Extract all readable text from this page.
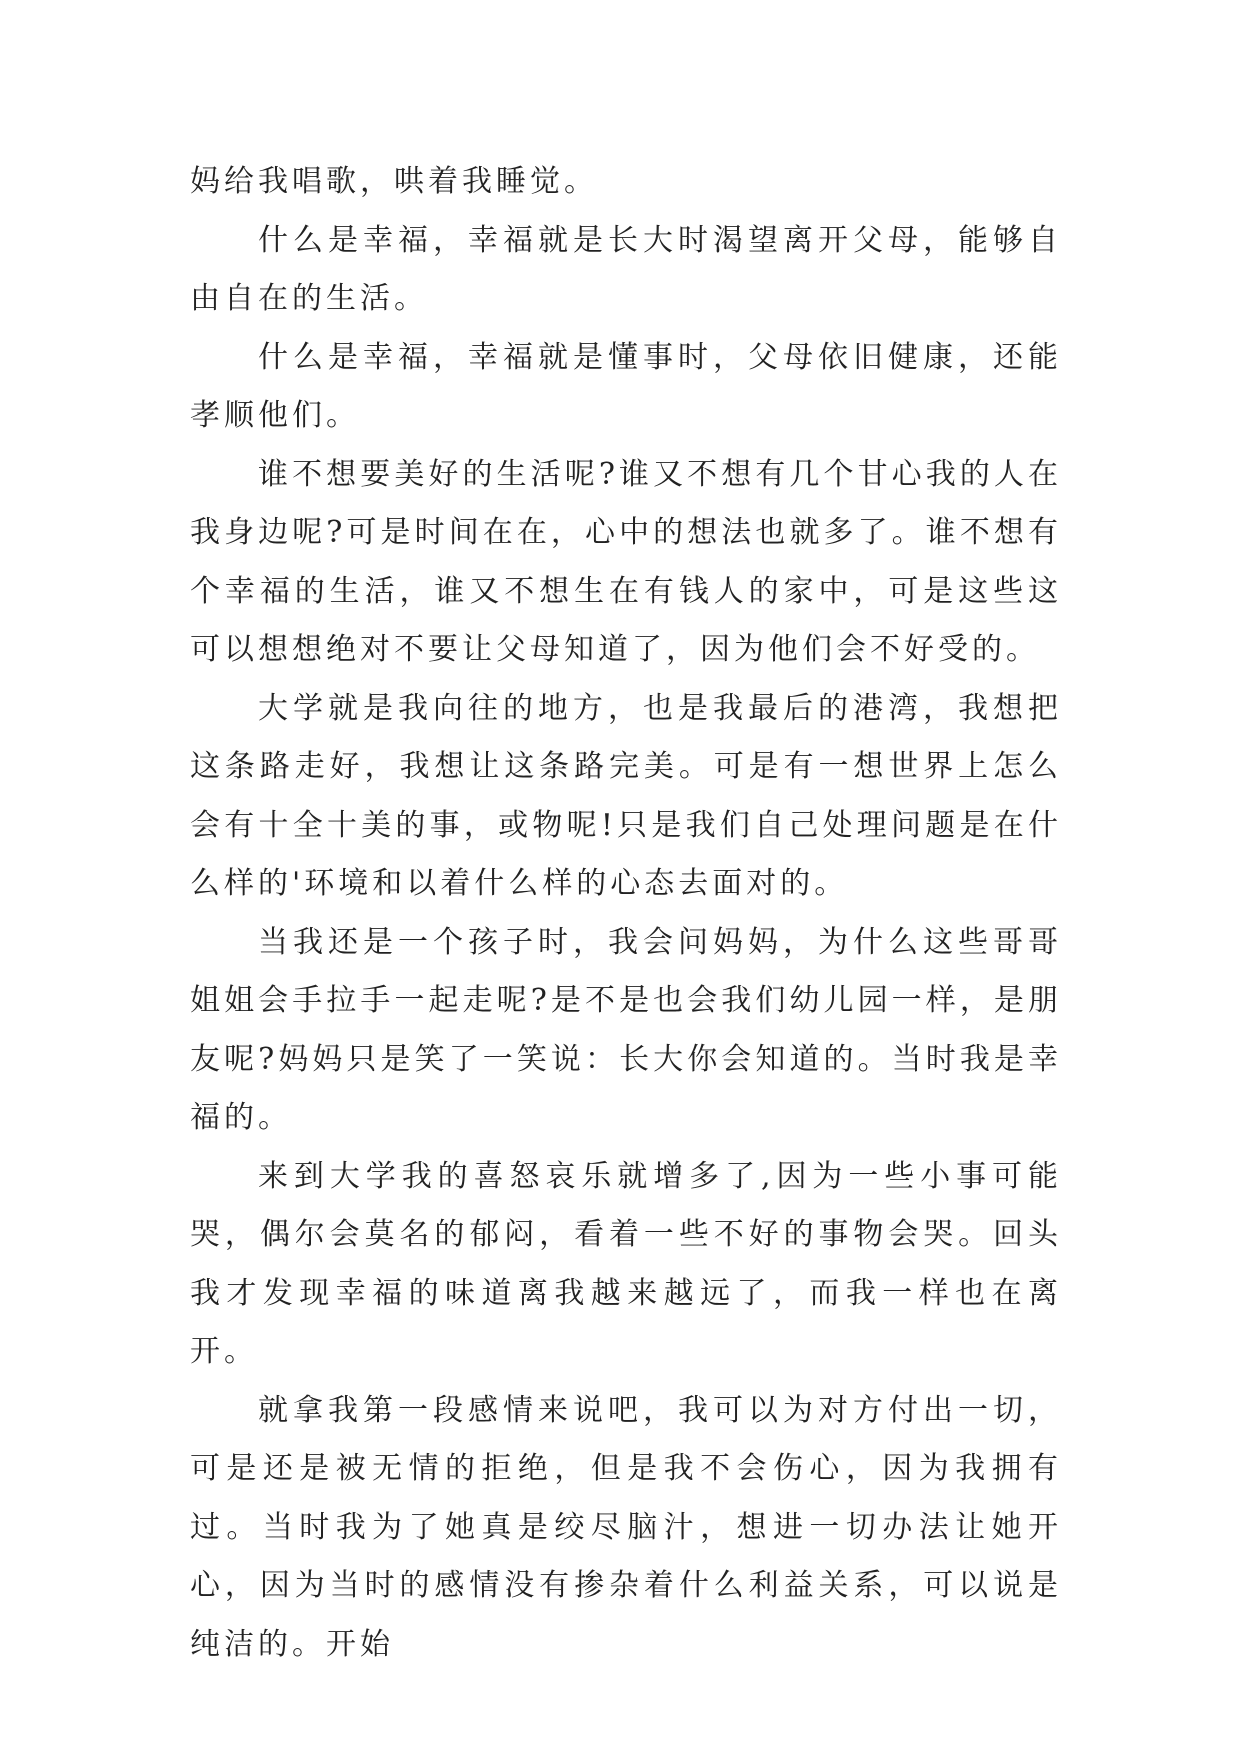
妈给我唱歌，哄着我睡觉。

什么是幸福，幸福就是长大时渴望离开父母，能够自由自在的生活。

什么是幸福，幸福就是懂事时，父母依旧健康，还能孝顺他们。

谁不想要美好的生活呢?谁又不想有几个甘心我的人在我身边呢?可是时间在在，心中的想法也就多了。谁不想有个幸福的生活，谁又不想生在有钱人的家中，可是这些这可以想想绝对不要让父母知道了，因为他们会不好受的。

大学就是我向往的地方，也是我最后的港湾，我想把这条路走好，我想让这条路完美。可是有一想世界上怎么会有十全十美的事，或物呢!只是我们自己处理问题是在什么样的'环境和以着什么样的心态去面对的。

当我还是一个孩子时，我会问妈妈，为什么这些哥哥姐姐会手拉手一起走呢?是不是也会我们幼儿园一样，是朋友呢?妈妈只是笑了一笑说：长大你会知道的。当时我是幸福的。

来到大学我的喜怒哀乐就增多了,因为一些小事可能哭，偶尔会莫名的郁闷，看着一些不好的事物会哭。回头我才发现幸福的味道离我越来越远了，而我一样也在离开。

就拿我第一段感情来说吧，我可以为对方付出一切，可是还是被无情的拒绝，但是我不会伤心，因为我拥有过。当时我为了她真是绞尽脑汁，想进一切办法让她开心，因为当时的感情没有掺杂着什么利益关系，可以说是纯洁的。开始
